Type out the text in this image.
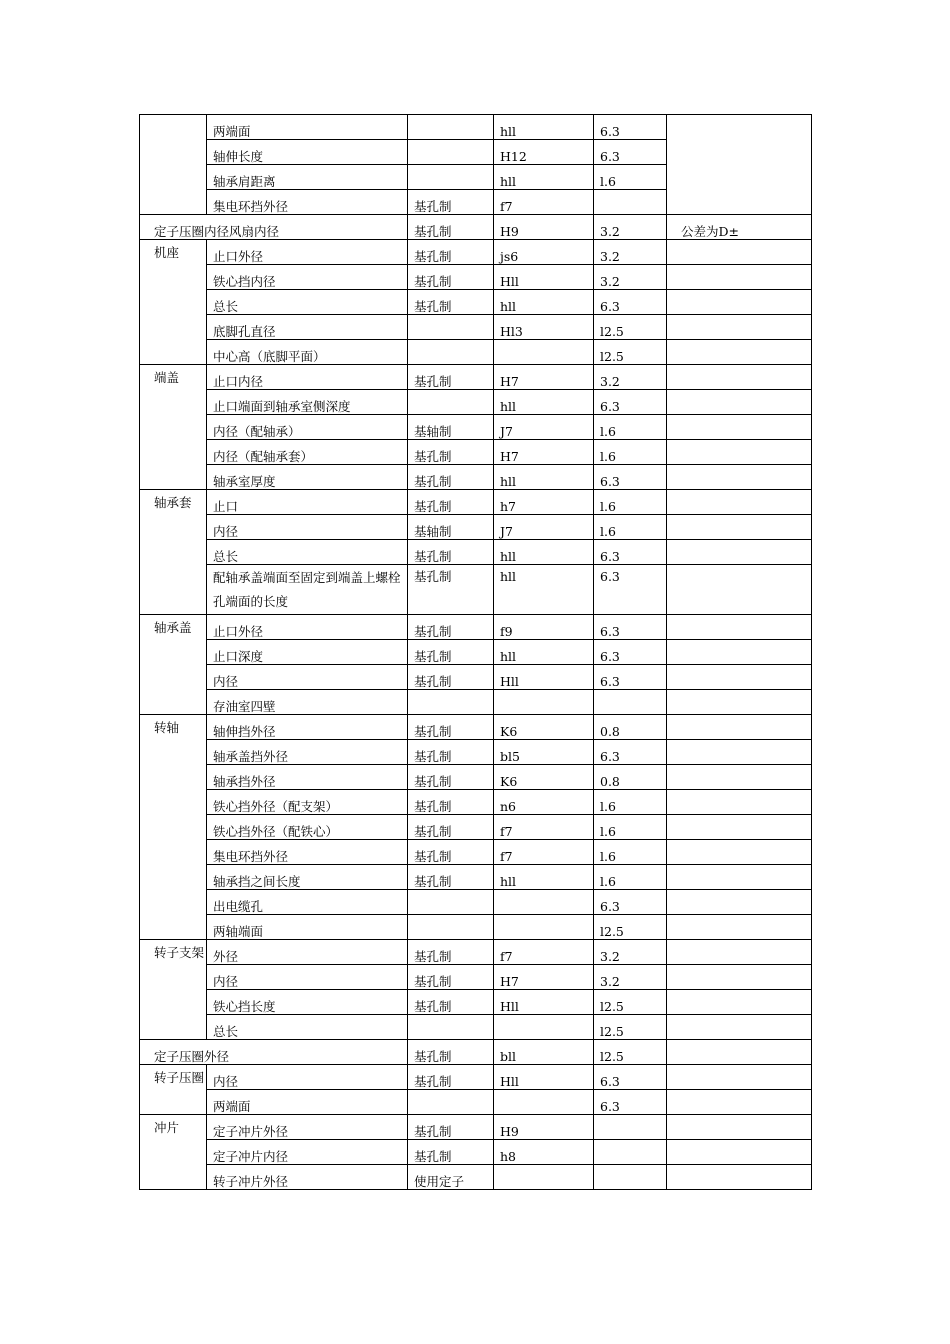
	两端面		hll	6.3	
	轴伸长度		H12	6.3	
	轴承肩距离		hll	l.6	
	集电环挡外径	基孔制	f7		
定子压圈内径风扇内径		基孔制	H9	3.2	公差为D±
机座	止口外径	基孔制	js6	3.2	
	铁心挡内径	基孔制	Hll	3.2	
	总长	基孔制	hll	6.3	
	底脚孔直径		Hl3	l2.5	
	中心高（底脚平面）			l2.5	
端盖	止口内径	基孔制	H7	3.2	
	止口端面到轴承室侧深度		hll	6.3	
	内径（配轴承）	基轴制	J7	l.6	
	内径（配轴承套）	基孔制	H7	l.6	
	轴承室厚度	基孔制	hll	6.3	
轴承套	止口	基孔制	h7	l.6	
	内径	基轴制	J7	l.6	
	总长	基孔制	hll	6.3	
	配轴承盖端面至固定到端盖上螺栓孔端面的长度	基孔制	hll	6.3	
轴承盖	止口外径	基孔制	f9	6.3	
	止口深度	基孔制	hll	6.3	
	内径	基孔制	Hll	6.3	
	存油室四壁				
转轴	轴伸挡外径	基孔制	K6	0.8	
	轴承盖挡外径	基孔制	bl5	6.3	
	轴承挡外径	基孔制	K6	0.8	
	铁心挡外径（配支架）	基孔制	n6	l.6	
	铁心挡外径（配铁心）	基孔制	f7	l.6	
	集电环挡外径	基孔制	f7	l.6	
	轴承挡之间长度	基孔制	hll	l.6	
	出电缆孔			6.3	
	两轴端面			l2.5	
转子支架	外径	基孔制	f7	3.2	
	内径	基孔制	H7	3.2	
	铁心挡长度	基孔制	Hll	l2.5	
	总长			l2.5	
定子压圈外径		基孔制	bll	l2.5	
转子压圈	内径	基孔制	Hll	6.3	
	两端面			6.3	
冲片	定子冲片外径	基孔制	H9		
	定子冲片内径	基孔制	h8		
	转子冲片外径	使用定子			
